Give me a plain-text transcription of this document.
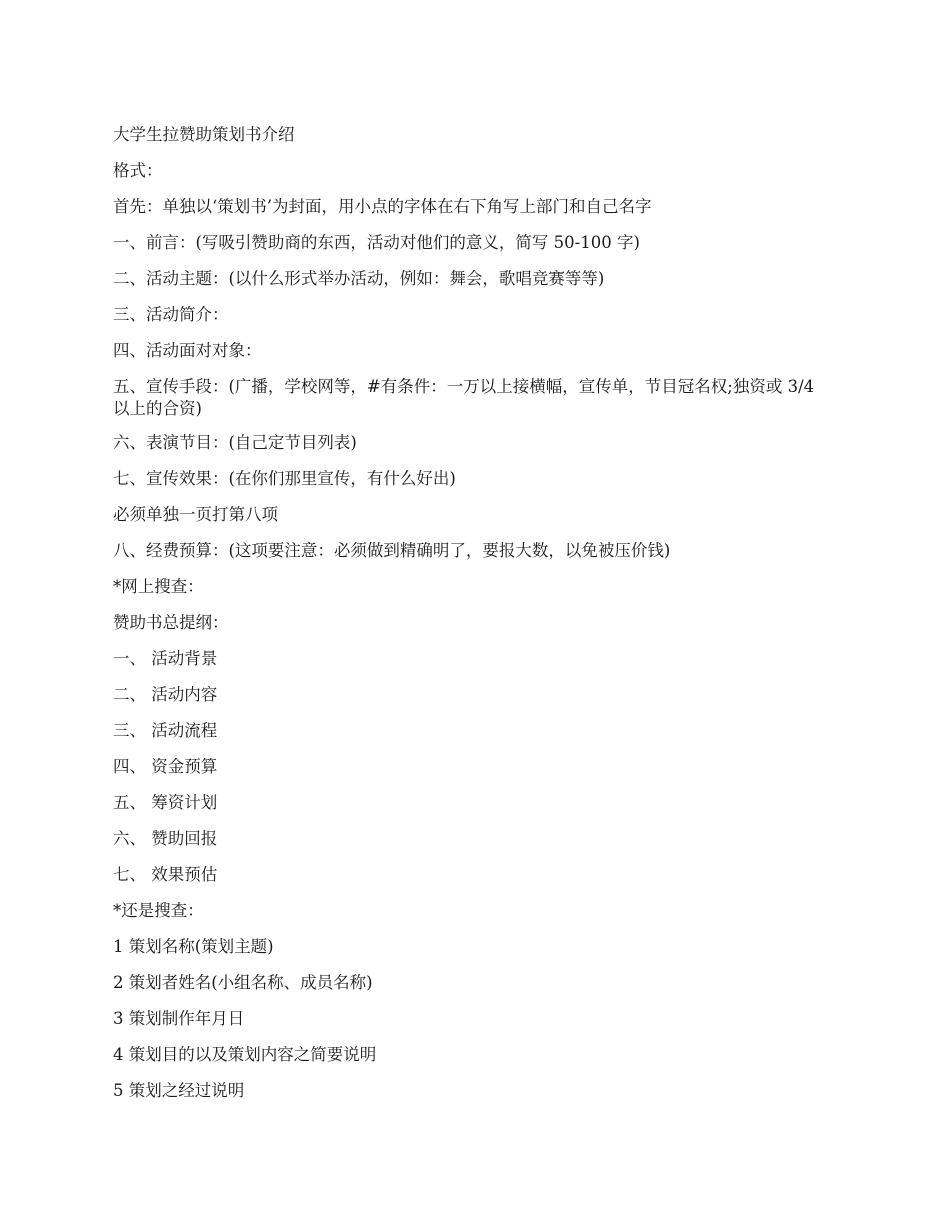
大学生拉赞助策划书介绍

格式：

首先：单独以‘策划书’为封面，用小点的字体在右下角写上部门和自己名字

一、前言：(写吸引赞助商的东西，活动对他们的意义，简写 50-100 字)

二、活动主题：(以什么形式举办活动，例如：舞会，歌唱竞赛等等)

三、活动简介：

四、活动面对对象：

五、宣传手段：(广播，学校网等，#有条件：一万以上接横幅，宣传单，节目冠名权;独资或 3/4 以上的合资)

六、表演节目：(自己定节目列表)

七、宣传效果：(在你们那里宣传，有什么好出)

必须单独一页打第八项

八、经费预算：(这项要注意：必须做到精确明了，要报大数，以免被压价钱)

*网上搜查：

赞助书总提纲：

一、 活动背景

二、 活动内容

三、 活动流程

四、 资金预算

五、 筹资计划

六、 赞助回报

七、 效果预估

*还是搜查：

1 策划名称(策划主题)

2 策划者姓名(小组名称、成员名称)

3 策划制作年月日

4 策划目的以及策划内容之简要说明

5 策划之经过说明
